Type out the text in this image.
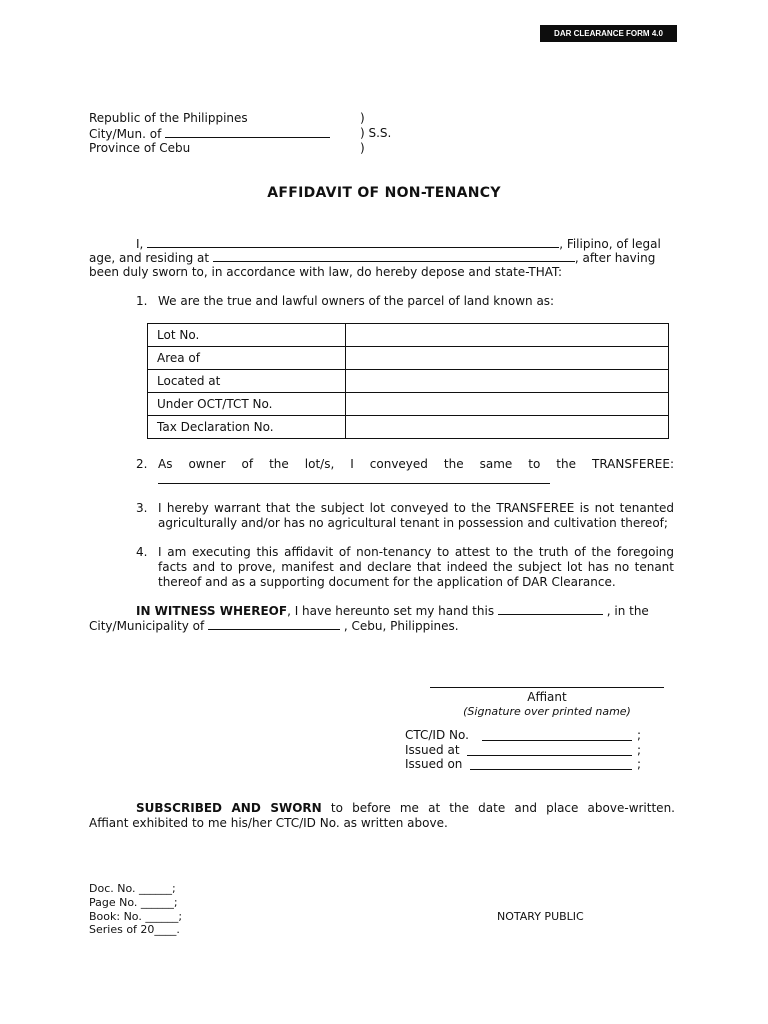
DAR CLEARANCE FORM 4.0
Republic of the Philippines	)
City/Mun. of	) S.S.
Province of Cebu	)
AFFIDAVIT OF NON-TENANCY
I,	, Filipino, of legal
age, and residing at	, after having
been duly sworn to, in accordance with law, do hereby depose and state-THAT:
1. We are the true and lawful owners of the parcel of land known as:
Lot No.	
Area of	
Located at	
Under OCT/TCT No.	
Tax Declaration No.	
2. As owner of the lot/s, I conveyed the same to the TRANSFEREE:
3. I hereby warrant that the subject lot conveyed to the TRANSFEREE is not tenanted
agriculturally and/or has no agricultural tenant in possession and cultivation thereof;
4. I am executing this affidavit of non-tenancy to attest to the truth of the foregoing
facts and to prove, manifest and declare that indeed the subject lot has no tenant
thereof and as a supporting document for the application of DAR Clearance.
IN WITNESS WHEREOF, I have hereunto set my hand this	, in the
City/Municipality of	, Cebu, Philippines.
Affiant
(Signature over printed name)
CTC/ID No.	;
Issued at	;
Issued on	;
SUBSCRIBED AND SWORN to before me at the date and place above-written.
Affiant exhibited to me his/her CTC/ID No. as written above.
Doc. No. ______;
Page No. ______;
Book: No. ______;
Series of 20____.
NOTARY PUBLIC
